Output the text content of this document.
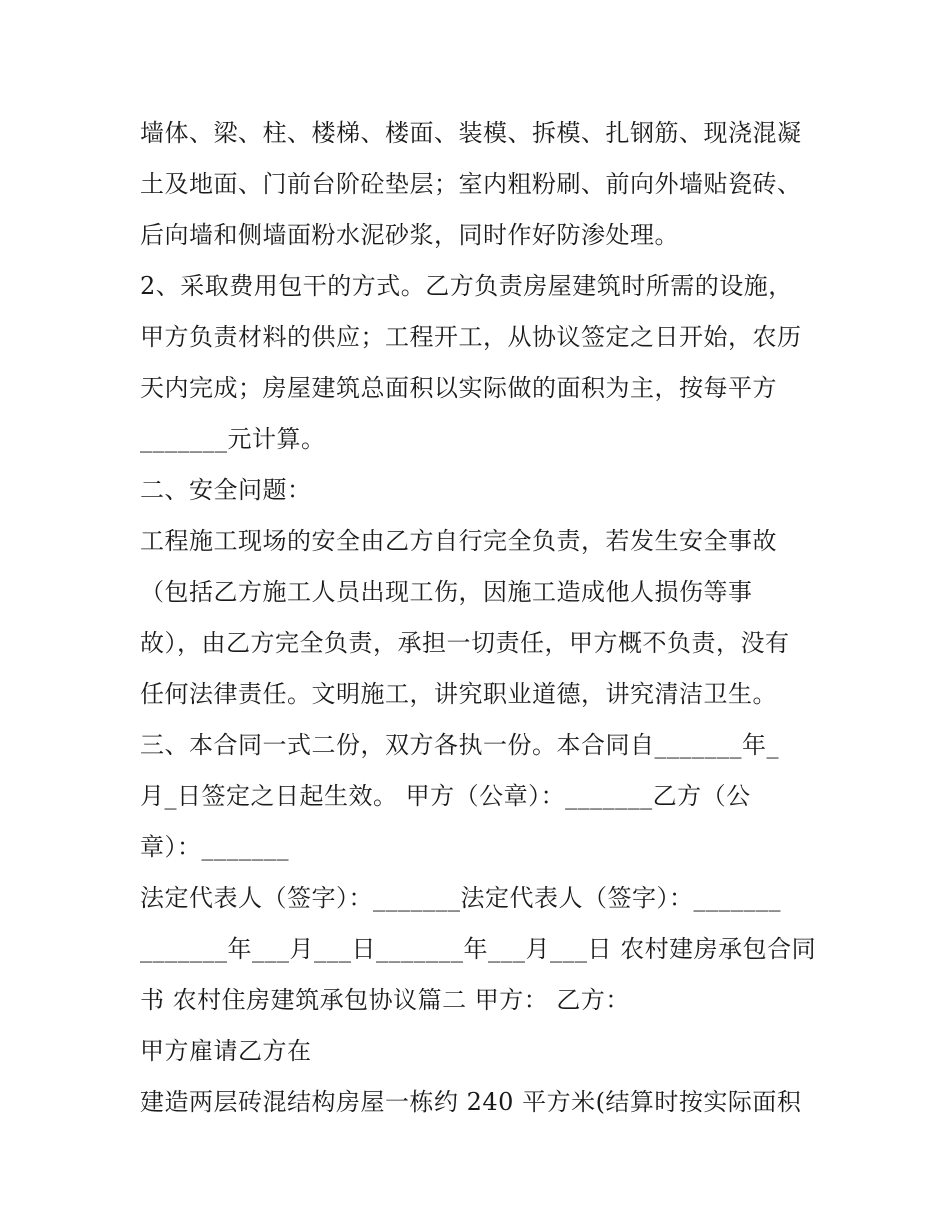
墙体、梁、柱、楼梯、楼面、装模、拆模、扎钢筋、现浇混凝
土及地面、门前台阶砼垫层；室内粗粉刷、前向外墙贴瓷砖、
后向墙和侧墙面粉水泥砂浆，同时作好防渗处理。
2、采取费用包干的方式。乙方负责房屋建筑时所需的设施，
甲方负责材料的供应；工程开工，从协议签定之日开始，农历
天内完成；房屋建筑总面积以实际做的面积为主，按每平方
_______元计算。
二、安全问题：
工程施工现场的安全由乙方自行完全负责，若发生安全事故
（包括乙方施工人员出现工伤，因施工造成他人损伤等事
故），由乙方完全负责，承担一切责任，甲方概不负责，没有
任何法律责任。文明施工，讲究职业道德，讲究清洁卫生。
三、本合同一式二份，双方各执一份。本合同自_______年_
月_日签定之日起生效。 甲方（公章）：_______乙方（公
章）：_______
法定代表人（签字）：_______法定代表人（签字）：_______
_______年___月___日_______年___月___日 农村建房承包合同
书 农村住房建筑承包协议篇二 甲方： 乙方：
甲方雇请乙方在
建造两层砖混结构房屋一栋约 240 平方米(结算时按实际面积
